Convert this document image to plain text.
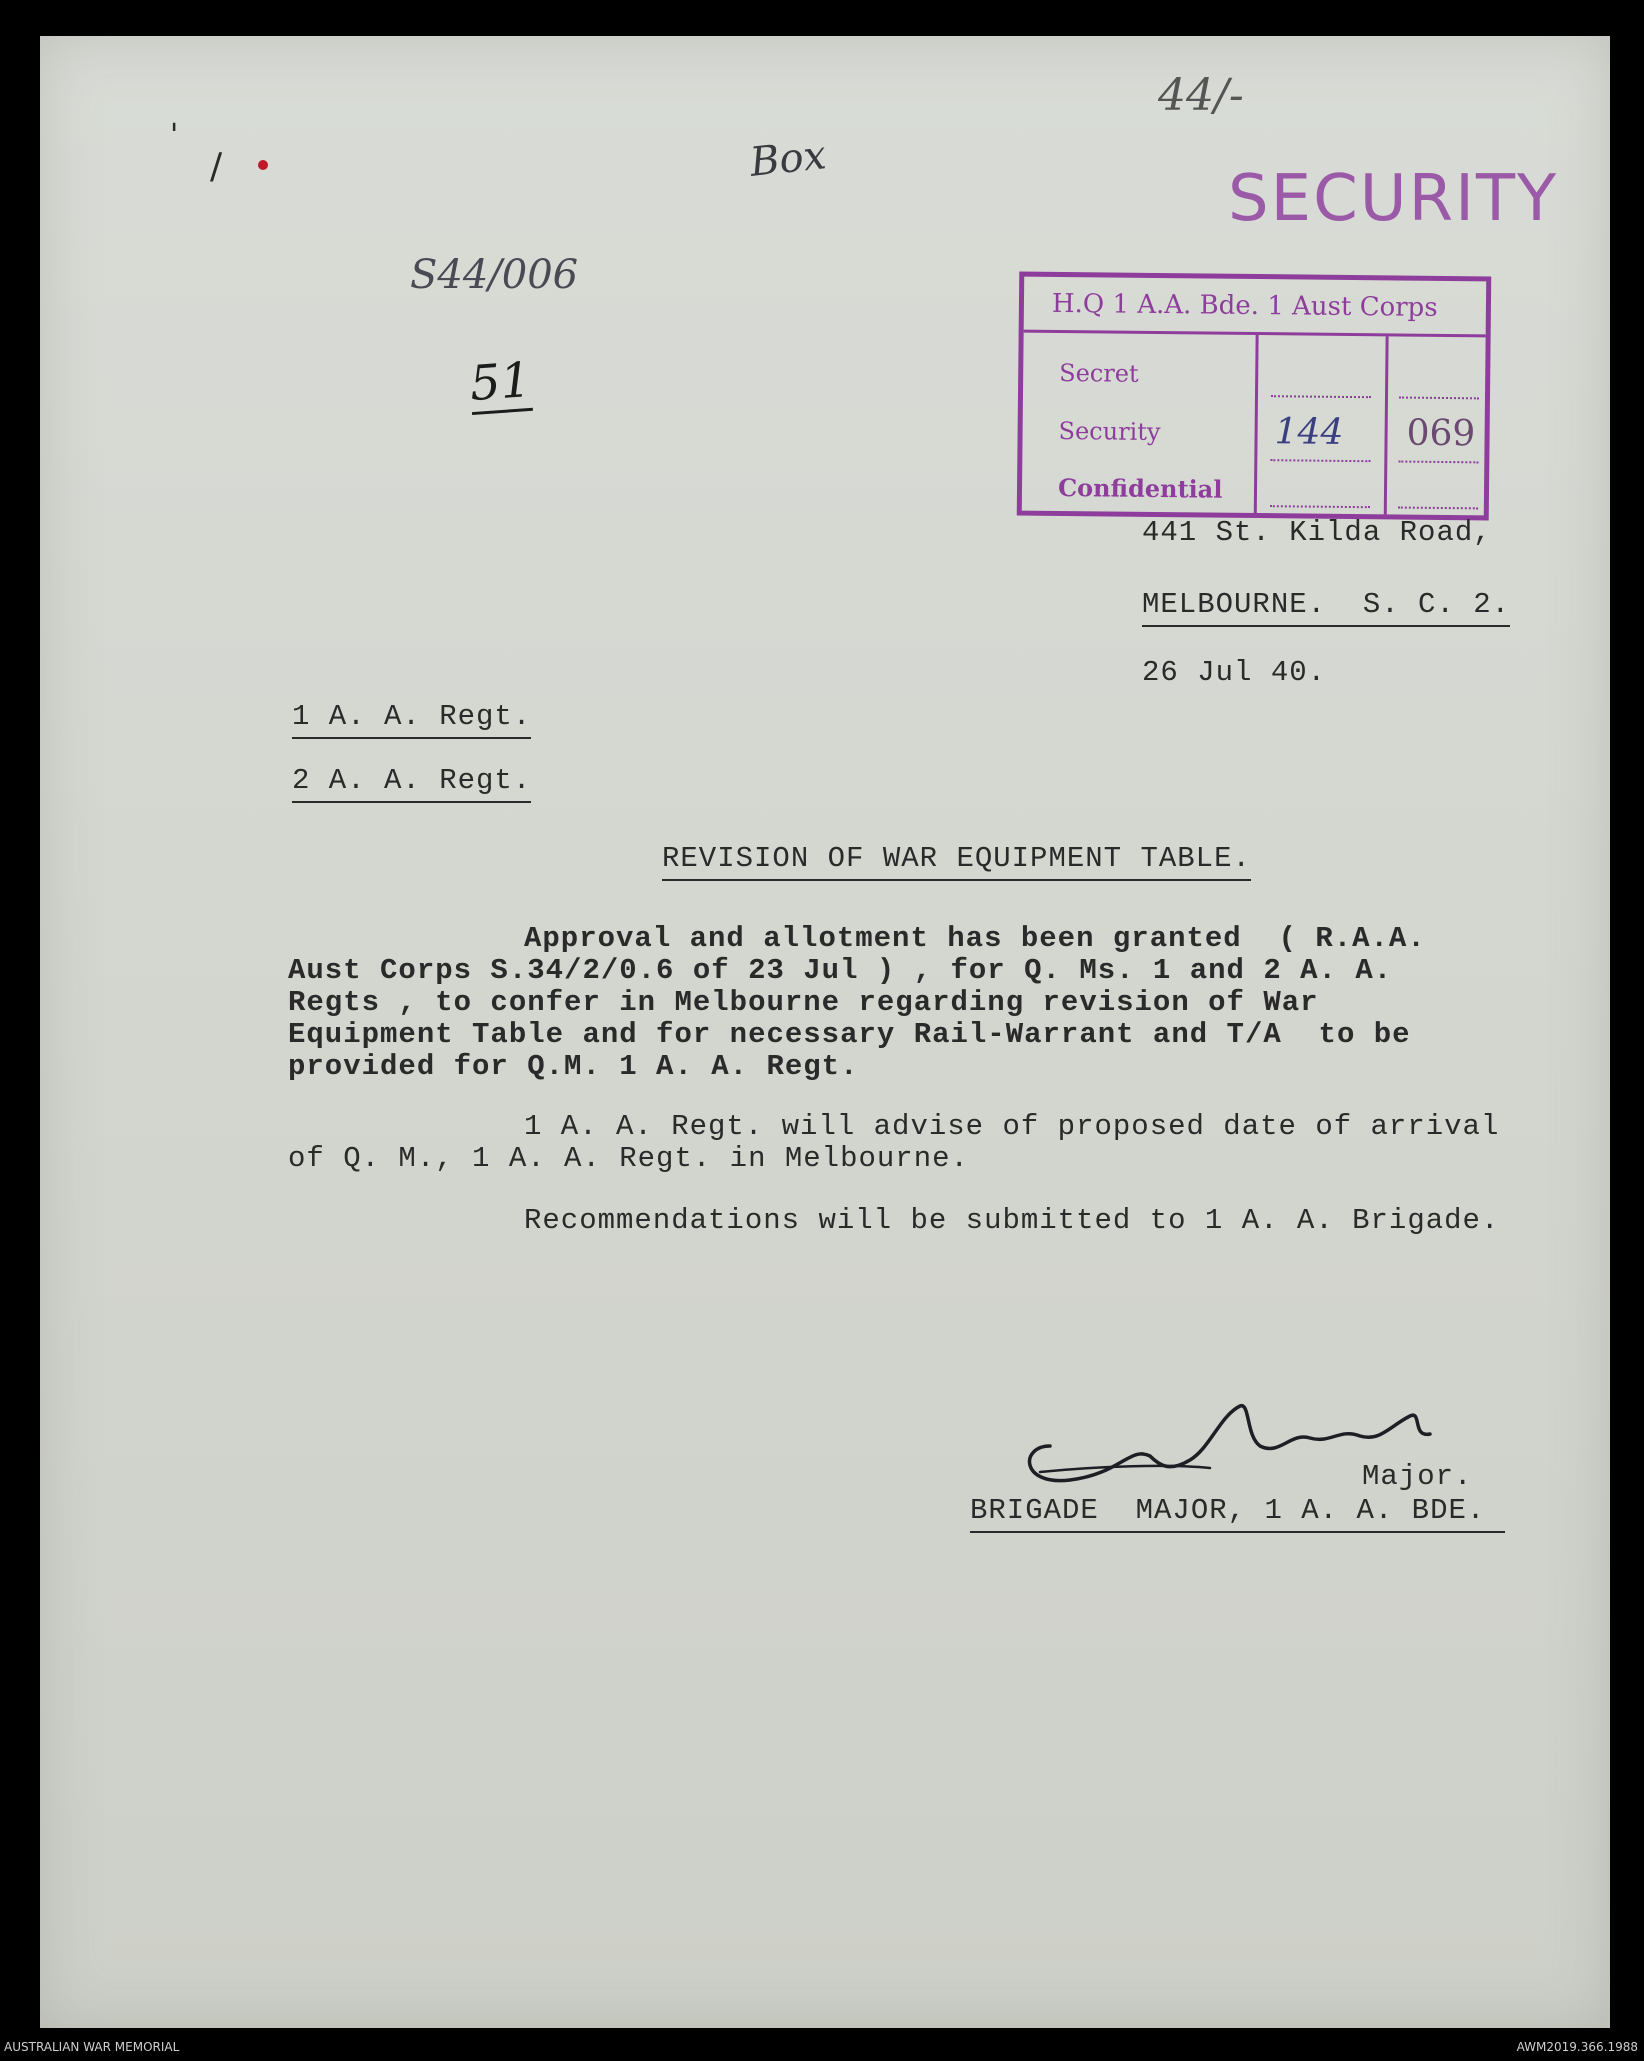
44/-
Box
S44/006
51
'
/	SECURITY
H.Q 1 A.A. Bde. 1 Aust Corps
Secret
Security
Confidential
144 069
441 St. Kilda Road,
MELBOURNE.  S. C. 2.
26 Jul 40.
1 A. A. Regt.
2 A. A. Regt.
REVISION OF WAR EQUIPMENT TABLE.
Approval and allotment has been granted  ( R.A.A.
Aust Corps S.34/2/0.6 of 23 Jul ) , for Q. Ms. 1 and 2 A. A.
Regts , to confer in Melbourne regarding revision of War
Equipment Table and for necessary Rail-Warrant and T/A  to be
provided for Q.M. 1 A. A. Regt.
1 A. A. Regt. will advise of proposed date of arrival
of Q. M., 1 A. A. Regt. in Melbourne.
Recommendations will be submitted to 1 A. A. Brigade.
Major.
BRIGADE  MAJOR, 1 A. A. BDE.
AUSTRALIAN WAR MEMORIAL	AWM2019.366.1988
